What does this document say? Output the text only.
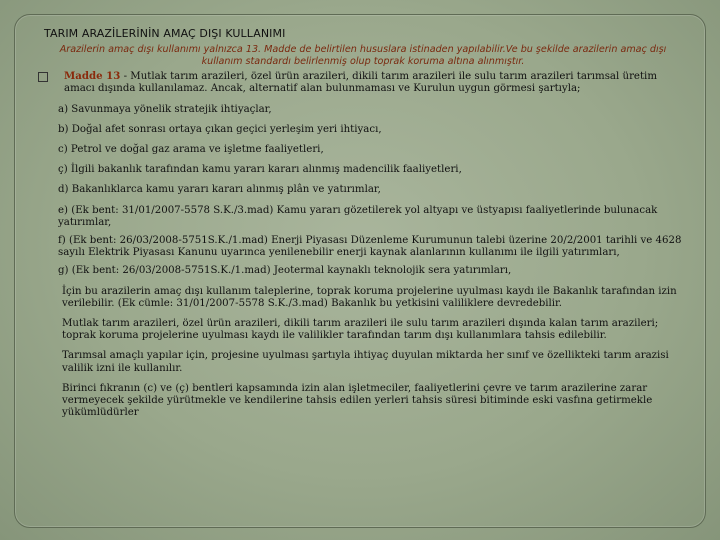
TARIM ARAZİLERİNİN AMAÇ DIŞI KULLANIMI
Arazilerin amaç dışı kullanımı yalnızca 13. Madde de belirtilen hususlara istinaden yapılabilir.Ve bu şekilde arazilerin amaç dışı kullanım standardı belirlenmiş olup toprak koruma altına alınmıştır.
Madde 13 - Mutlak tarım arazileri, özel ürün arazileri, dikili tarım arazileri ile sulu tarım arazileri tarımsal üretim amacı dışında kullanılamaz. Ancak, alternatif alan bulunmaması ve Kurulun uygun görmesi şartıyla;
a) Savunmaya yönelik stratejik ihtiyaçlar,
b) Doğal afet sonrası ortaya çıkan geçici yerleşim yeri ihtiyacı,
c) Petrol ve doğal gaz arama ve işletme faaliyetleri,
ç) İlgili bakanlık tarafından kamu yararı kararı alınmış madencilik faaliyetleri,
d) Bakanlıklarca kamu yararı kararı alınmış plân ve yatırımlar,
e) (Ek bent: 31/01/2007-5578 S.K./3.mad) Kamu yararı gözetilerek yol altyapı ve üstyapısı faaliyetlerinde bulunacak yatırımlar,
f) (Ek bent: 26/03/2008-5751S.K./1.mad) Enerji Piyasası Düzenleme Kurumunun talebi üzerine 20/2/2001 tarihli ve 4628 sayılı Elektrik Piyasası Kanunu uyarınca yenilenebilir enerji kaynak alanlarının kullanımı ile ilgili yatırımları,
g) (Ek bent: 26/03/2008-5751S.K./1.mad) Jeotermal kaynaklı teknolojik sera yatırımları,
İçin bu arazilerin amaç dışı kullanım taleplerine, toprak koruma projelerine uyulması kaydı ile Bakanlık tarafından izin verilebilir. (Ek cümle: 31/01/2007-5578 S.K./3.mad) Bakanlık bu yetkisini valiliklere devredebilir.
Mutlak tarım arazileri, özel ürün arazileri, dikili tarım arazileri ile sulu tarım arazileri dışında kalan tarım arazileri; toprak koruma projelerine uyulması kaydı ile valilikler tarafından tarım dışı kullanımlara tahsis edilebilir.
Tarımsal amaçlı yapılar için, projesine uyulması şartıyla ihtiyaç duyulan miktarda her sınıf ve özellikteki tarım arazisi valilik izni ile kullanılır.
Birinci fıkranın (c) ve (ç) bentleri kapsamında izin alan işletmeciler, faaliyetlerini çevre ve tarım arazilerine zarar vermeyecek şekilde yürütmekle ve kendilerine tahsis edilen yerleri tahsis süresi bitiminde eski vasfına getirmekle yükümlüdürler
